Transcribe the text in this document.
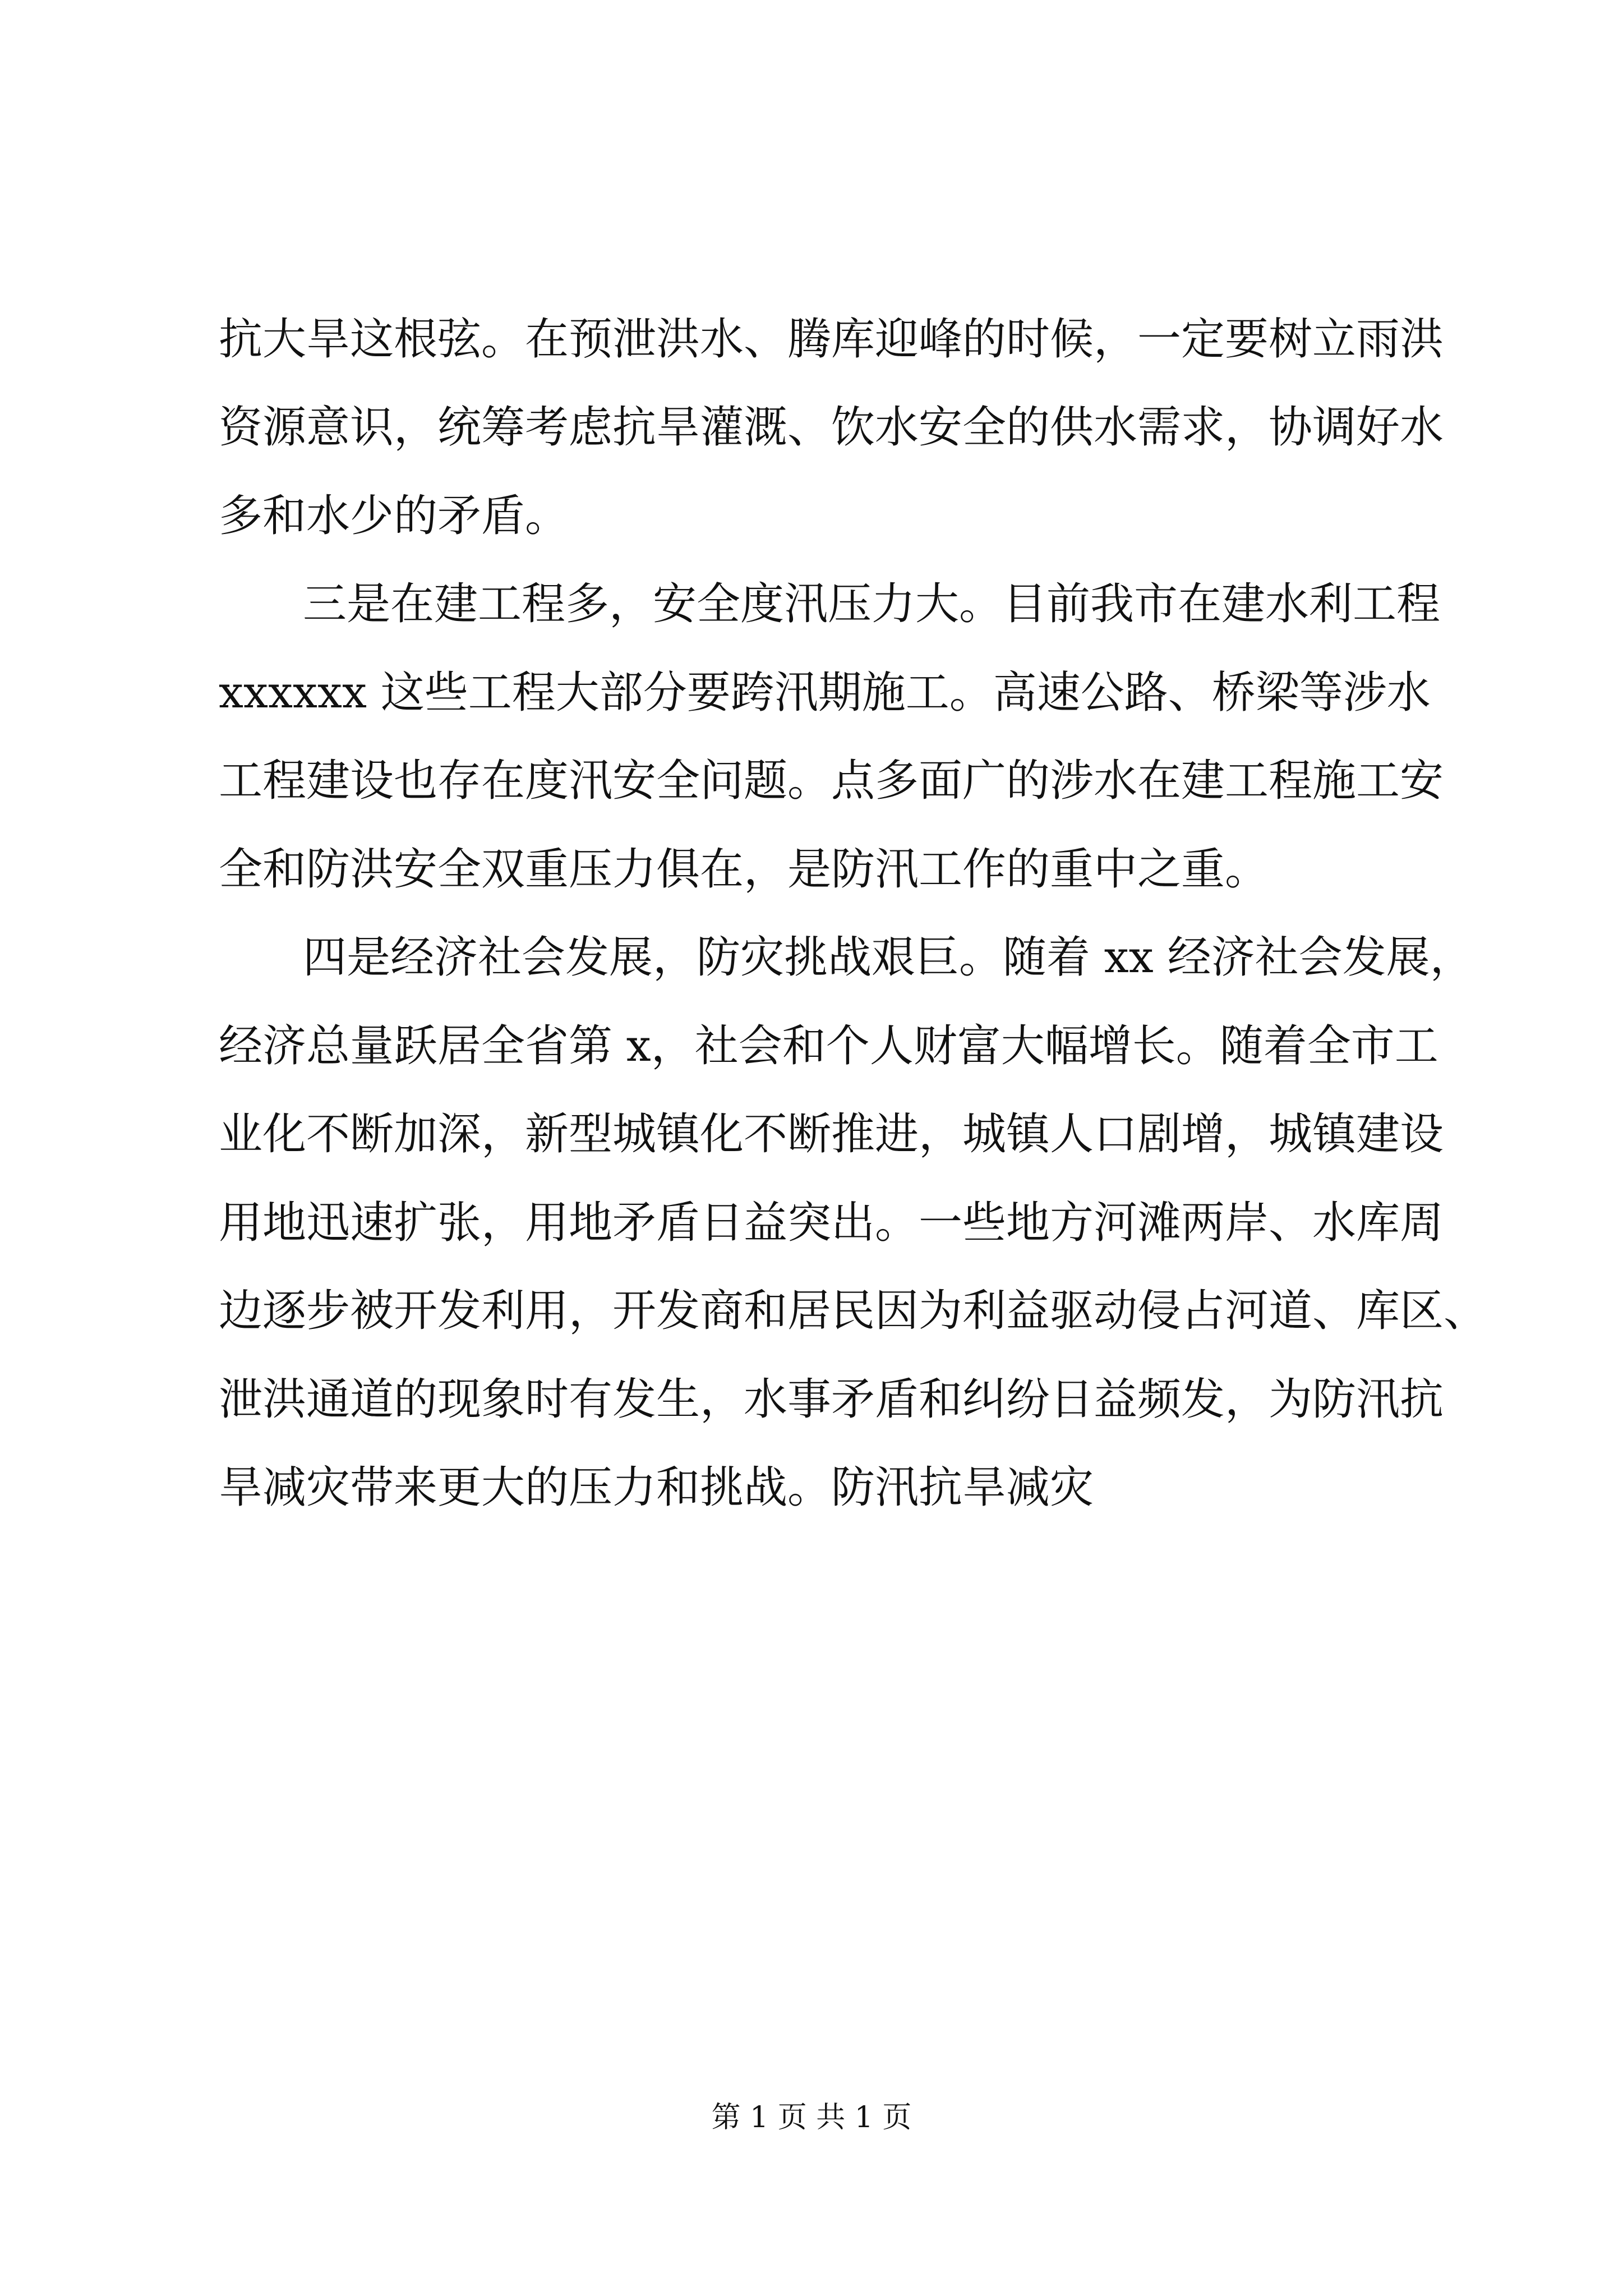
抗大旱这根弦。在预泄洪水、腾库迎峰的时候，一定要树立雨洪
资源意识，统筹考虑抗旱灌溉、饮水安全的供水需求，协调好水
多和水少的矛盾。
三是在建工程多，安全度汛压力大。目前我市在建水利工程
xxxxxx 这些工程大部分要跨汛期施工。高速公路、桥梁等涉水
工程建设也存在度汛安全问题。点多面广的涉水在建工程施工安
全和防洪安全双重压力俱在，是防汛工作的重中之重。
四是经济社会发展，防灾挑战艰巨。随着 xx 经济社会发展，
经济总量跃居全省第 x，社会和个人财富大幅增长。随着全市工
业化不断加深，新型城镇化不断推进，城镇人口剧增，城镇建设
用地迅速扩张，用地矛盾日益突出。一些地方河滩两岸、水库周
边逐步被开发利用，开发商和居民因为利益驱动侵占河道、库区、
泄洪通道的现象时有发生，水事矛盾和纠纷日益频发，为防汛抗
旱减灾带来更大的压力和挑战。防汛抗旱减灾
第 1 页 共 1 页
